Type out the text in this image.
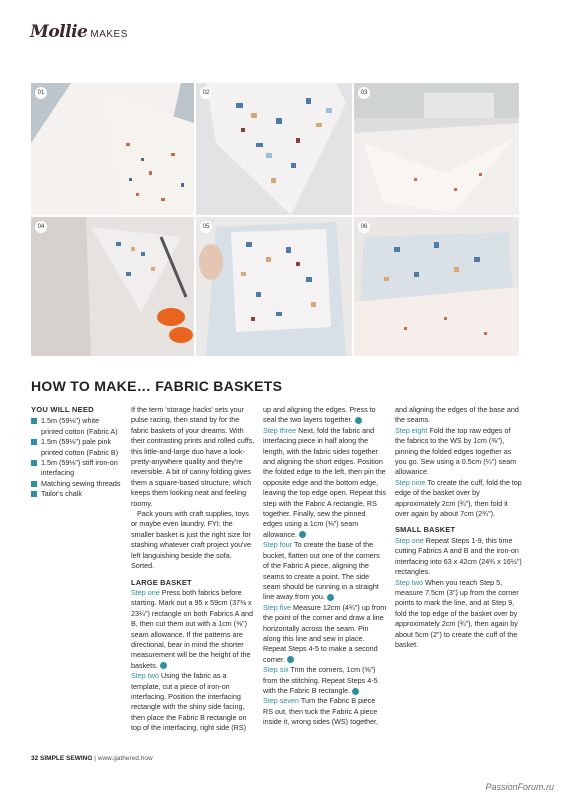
Mollie MAKES
01	02	03
04	05	06
HOW TO MAKE… FABRIC BASKETS
YOU WILL NEED
1.5m (59⅛") white printed cotton (Fabric A)
1.5m (59⅛") pale pink printed cotton (Fabric B)
1.5m (59⅛") stiff iron-on interfacing
Matching sewing threads
Tailor's chalk

If the term 'storage hacks' sets your pulse racing, then stand by for the fabric baskets of your dreams. With their contrasting prints and rolled cuffs, this little-and-large duo have a look-pretty-anywhere quality and they're reversible. A bit of canny folding gives them a square-based structure, which keeps them looking neat and feeling roomy.

Pack yours with craft supplies, toys or maybe even laundry. FYI: the smaller basket is just the right size for stashing whatever craft project you've left languishing beside the sofa. Sorted.

LARGE BASKET

Step one Press both fabrics before starting. Mark out a 95 x 59cm (37⅜ x 23¼") rectangle on both Fabrics A and B, then cut them out with a 1cm (⅜") seam allowance. If the patterns are directional, bear in mind the shorter measurement will be the height of the baskets.

Step two Using the fabric as a template, cut a piece of iron-on interfacing. Position the interfacing rectangle with the shiny side facing, then place the Fabric B rectangle on top of the interfacing, right side (RS)

up and aligning the edges. Press to seal the two layers together.

Step three Next, fold the fabric and interfacing piece in half along the length, with the fabric sides together and aligning the short edges. Position the folded edge to the left, then pin the opposite edge and the bottom edge, leaving the top edge open. Repeat this step with the Fabric A rectangle, RS together. Finally, sew the pinned edges using a 1cm (⅜") seam allowance.

Step four To create the base of the bucket, flatten out one of the corners of the Fabric A piece, aligning the seams to create a point. The side seam should be running in a straight line away from you.

Step five Measure 12cm (4¾") up from the point of the corner and draw a line horizontally across the seam. Pin along this line and sew in place. Repeat Steps 4-5 to make a second corner.

Step six Trim the corners, 1cm (⅜") from the stitching. Repeat Steps 4-5 with the Fabric B rectangle.

Step seven Turn the Fabric B piece RS out, then tuck the Fabric A piece inside it, wrong sides (WS) together,

and aligning the edges of the base and the seams.

Step eight Fold the top raw edges of the fabrics to the WS by 1cm (⅜"), pinning the folded edges together as you go. Sew using a 0.5cm (¼") seam allowance.

Step nine To create the cuff, fold the top edge of the basket over by approximately 2cm (¾"), then fold it over again by about 7cm (2¾").

SMALL BASKET

Step one Repeat Steps 1-9, this time cutting Fabrics A and B and the iron-on interfacing into 63 x 42cm (24¾ x 16½") rectangles.

Step two When you reach Step 5, measure 7.5cm (3") up from the corner points to mark the line, and at Step 9, fold the top edge of the basket over by approximately 2cm (¾"), then again by about 5cm (2") to create the cuff of the basket.

32 SIMPLE SEWING | www.gathered.how
PassionForum.ru
